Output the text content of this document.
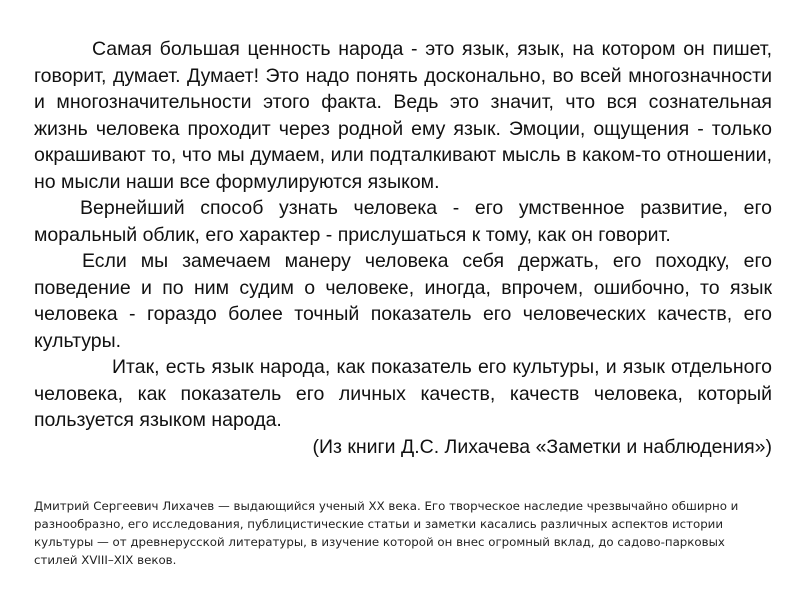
Самая большая ценность народа - это язык, язык, на котором он пишет, говорит, думает. Думает! Это надо понять досконально, во всей многозначности и многозначительности этого факта. Ведь это значит, что вся сознательная жизнь человека проходит через родной ему язык. Эмоции, ощущения - только окрашивают то, что мы думаем, или подталкивают мысль в каком-то отношении, но мысли наши все формулируются языком.

Вернейший способ узнать человека - его умственное развитие, его моральный облик, его характер - прислушаться к тому, как он говорит.

Если мы замечаем манеру человека себя держать, его походку, его поведение и по ним судим о человеке, иногда, впрочем, ошибочно, то язык человека - гораздо более точный показатель его человеческих качеств, его культуры.

Итак, есть язык народа, как показатель его культуры, и язык отдельного человека, как показатель его личных качеств, качеств человека, который пользуется языком народа.

(Из книги Д.С. Лихачева «Заметки и наблюдения»)

Дмитрий Сергеевич Лихачев — выдающийся ученый XX века. Его творческое наследие чрезвычайно обширно и разнообразно, его исследования, публицистические статьи и заметки касались различных аспектов истории культуры — от древнерусской литературы, в изучение которой он внес огромный вклад, до садово-парковых стилей XVIII–XIX веков.
